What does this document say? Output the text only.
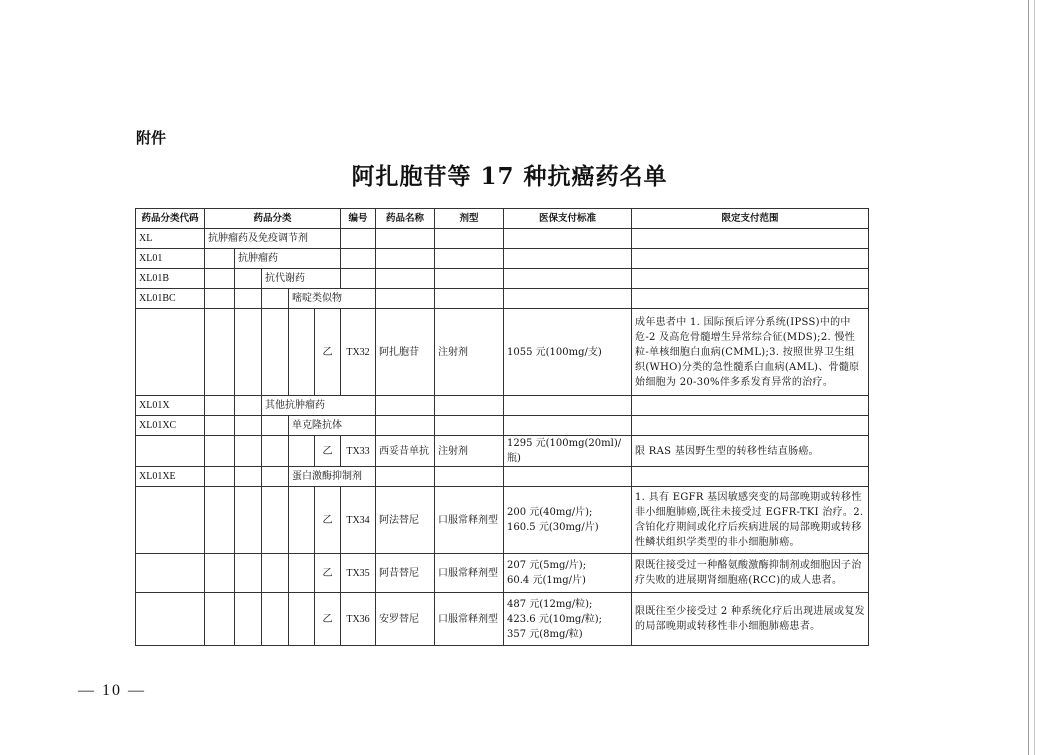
附件
阿扎胞苷等 17 种抗癌药名单
药品分类代码	药品分类					编号	药品名称	剂型	医保支付标准	限定支付范围
XL	抗肿瘤药及免疫调节剂									
XL01		抗肿瘤药								
XL01B			抗代谢药							
XL01BC				嘧啶类似物						
					乙	TX32	阿扎胞苷	注射剂	1055 元(100mg/支)	成年患者中 1. 国际预后评分系统(IPSS)中的中危-2 及高危骨髓增生异常综合征(MDS);2. 慢性粒-单核细胞白血病(CMML);3. 按照世界卫生组织(WHO)分类的急性髓系白血病(AML)、骨髓原始细胞为 20-30%伴多系发育异常的治疗。
XL01X			其他抗肿瘤药							
XL01XC				单克隆抗体						
					乙	TX33	西妥昔单抗	注射剂	1295 元(100mg(20ml)/瓶)	限 RAS 基因野生型的转移性结直肠癌。
XL01XE				蛋白激酶抑制剂						
					乙	TX34	阿法替尼	口服常释剂型	200 元(40mg/片);
160.5 元(30mg/片)	1. 具有 EGFR 基因敏感突变的局部晚期或转移性非小细胞肺癌,既往未接受过 EGFR-TKI 治疗。2. 含铂化疗期间或化疗后疾病进展的局部晚期或转移性鳞状组织学类型的非小细胞肺癌。
					乙	TX35	阿昔替尼	口服常释剂型	207 元(5mg/片);
60.4 元(1mg/片)	限既往接受过一种酪氨酸激酶抑制剂或细胞因子治疗失败的进展期肾细胞癌(RCC)的成人患者。
					乙	TX36	安罗替尼	口服常释剂型	487 元(12mg/粒);
423.6 元(10mg/粒);
357 元(8mg/粒)	限既往至少接受过 2 种系统化疗后出现进展或复发的局部晚期或转移性非小细胞肺癌患者。
— 10 —
